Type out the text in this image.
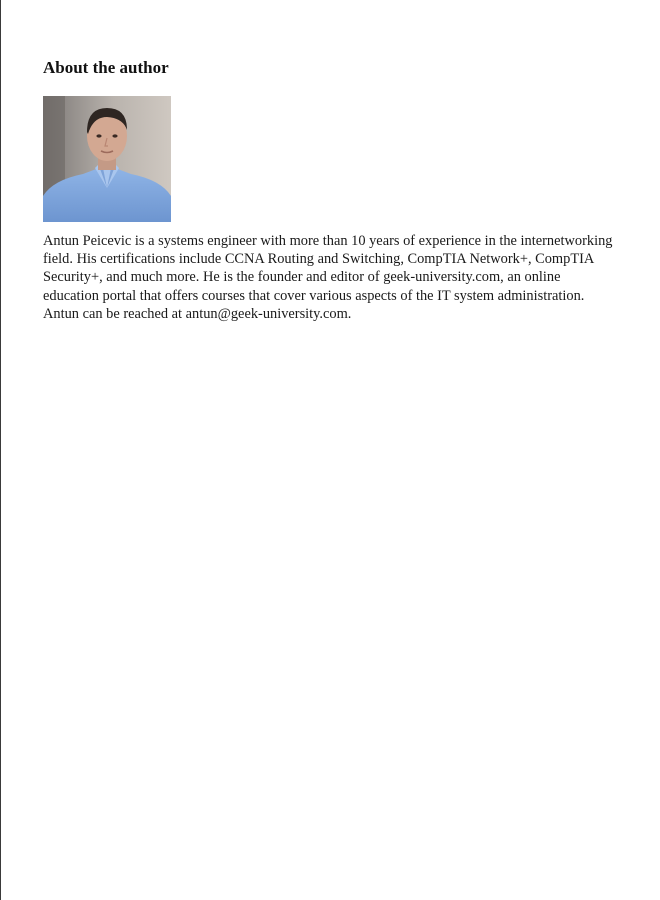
About the author

Antun Peicevic is a systems engineer with more than 10 years of experience in the internetworking field. His certifications include CCNA Routing and Switching, CompTIA Network+, CompTIA Security+, and much more. He is the founder and editor of geek-university.com, an online education portal that offers courses that cover various aspects of the IT system administration. Antun can be reached at antun@geek-university.com.
